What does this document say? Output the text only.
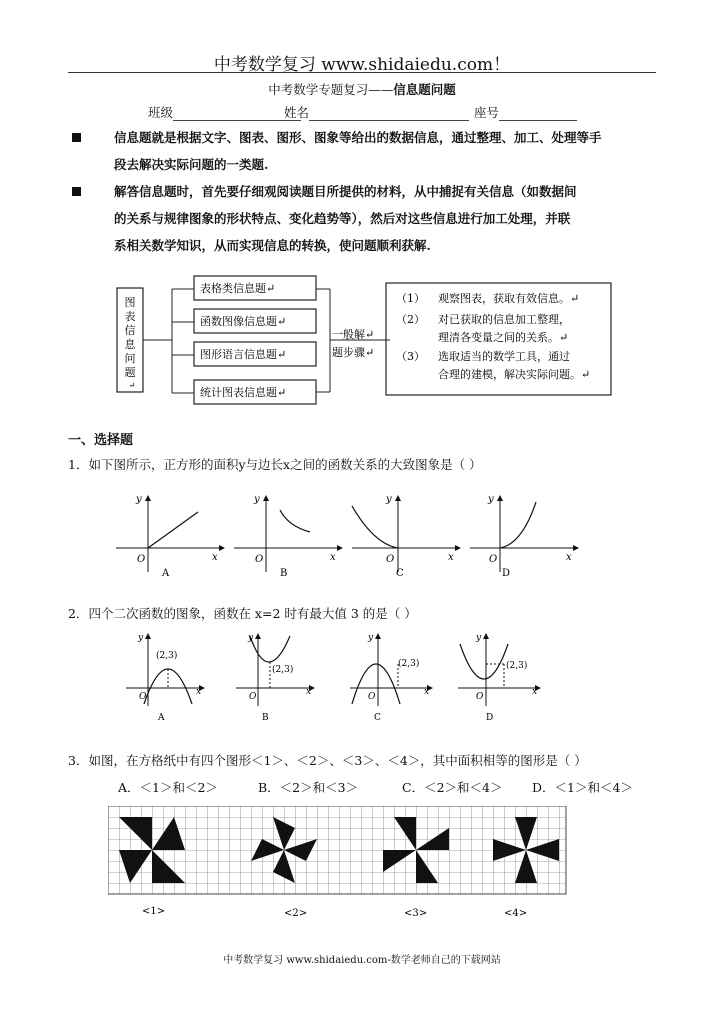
中考数学复习 www.shidaiedu.com！
中考数学专题复习——信息题问题
班级	姓名	座号
信息题就是根据文字、图表、图形、图象等给出的数据信息，通过整理、加工、处理等手
段去解决实际问题的一类题.
解答信息题时，首先要仔细观阅读题目所提供的材料，从中捕捉有关信息（如数据间
的关系与规律图象的形状特点、变化趋势等），然后对这些信息进行加工处理，并联
系相关数学知识，从而实现信息的转换，使问题顺利获解.
图
表
信
息
问
题
↵
表格类信息题↵
函数图像信息题↵
图形语言信息题↵
统计图表信息题↵
一般解↵
题步骤↵
（1） 观察图表，获取有效信息。↵
（2） 对已获取的信息加工整理，
理清各变量之间的关系。↵
（3） 选取适当的数学工具，通过
合理的建模，解决实际问题。↵
一、选择题
1．如下图所示，正方形的面积y与边长x之间的函数关系的大致图象是（ ）
O
y
x
A
O
y
x
B
O
y
x
C
O
y
x
D
2．四个二次函数的图象，函数在 x=2 时有最大值 3 的是（ ）
(2,3)
O
y
x
A
(2,3)
O
y
x
B
(2,3)
O
y
x
C
(2,3)
O
y
x
D
3．如图，在方格纸中有四个图形＜1＞、＜2＞、＜3＞、＜4＞，其中面积相等的图形是（ ）
A．＜1＞和＜2＞	B．＜2＞和＜3＞	C．＜2＞和＜4＞ D．＜1＞和＜4＞
<1>	<2>	<3>	<4>
中考数学复习 www.shidaiedu.com-数学老师自己的下载网站
